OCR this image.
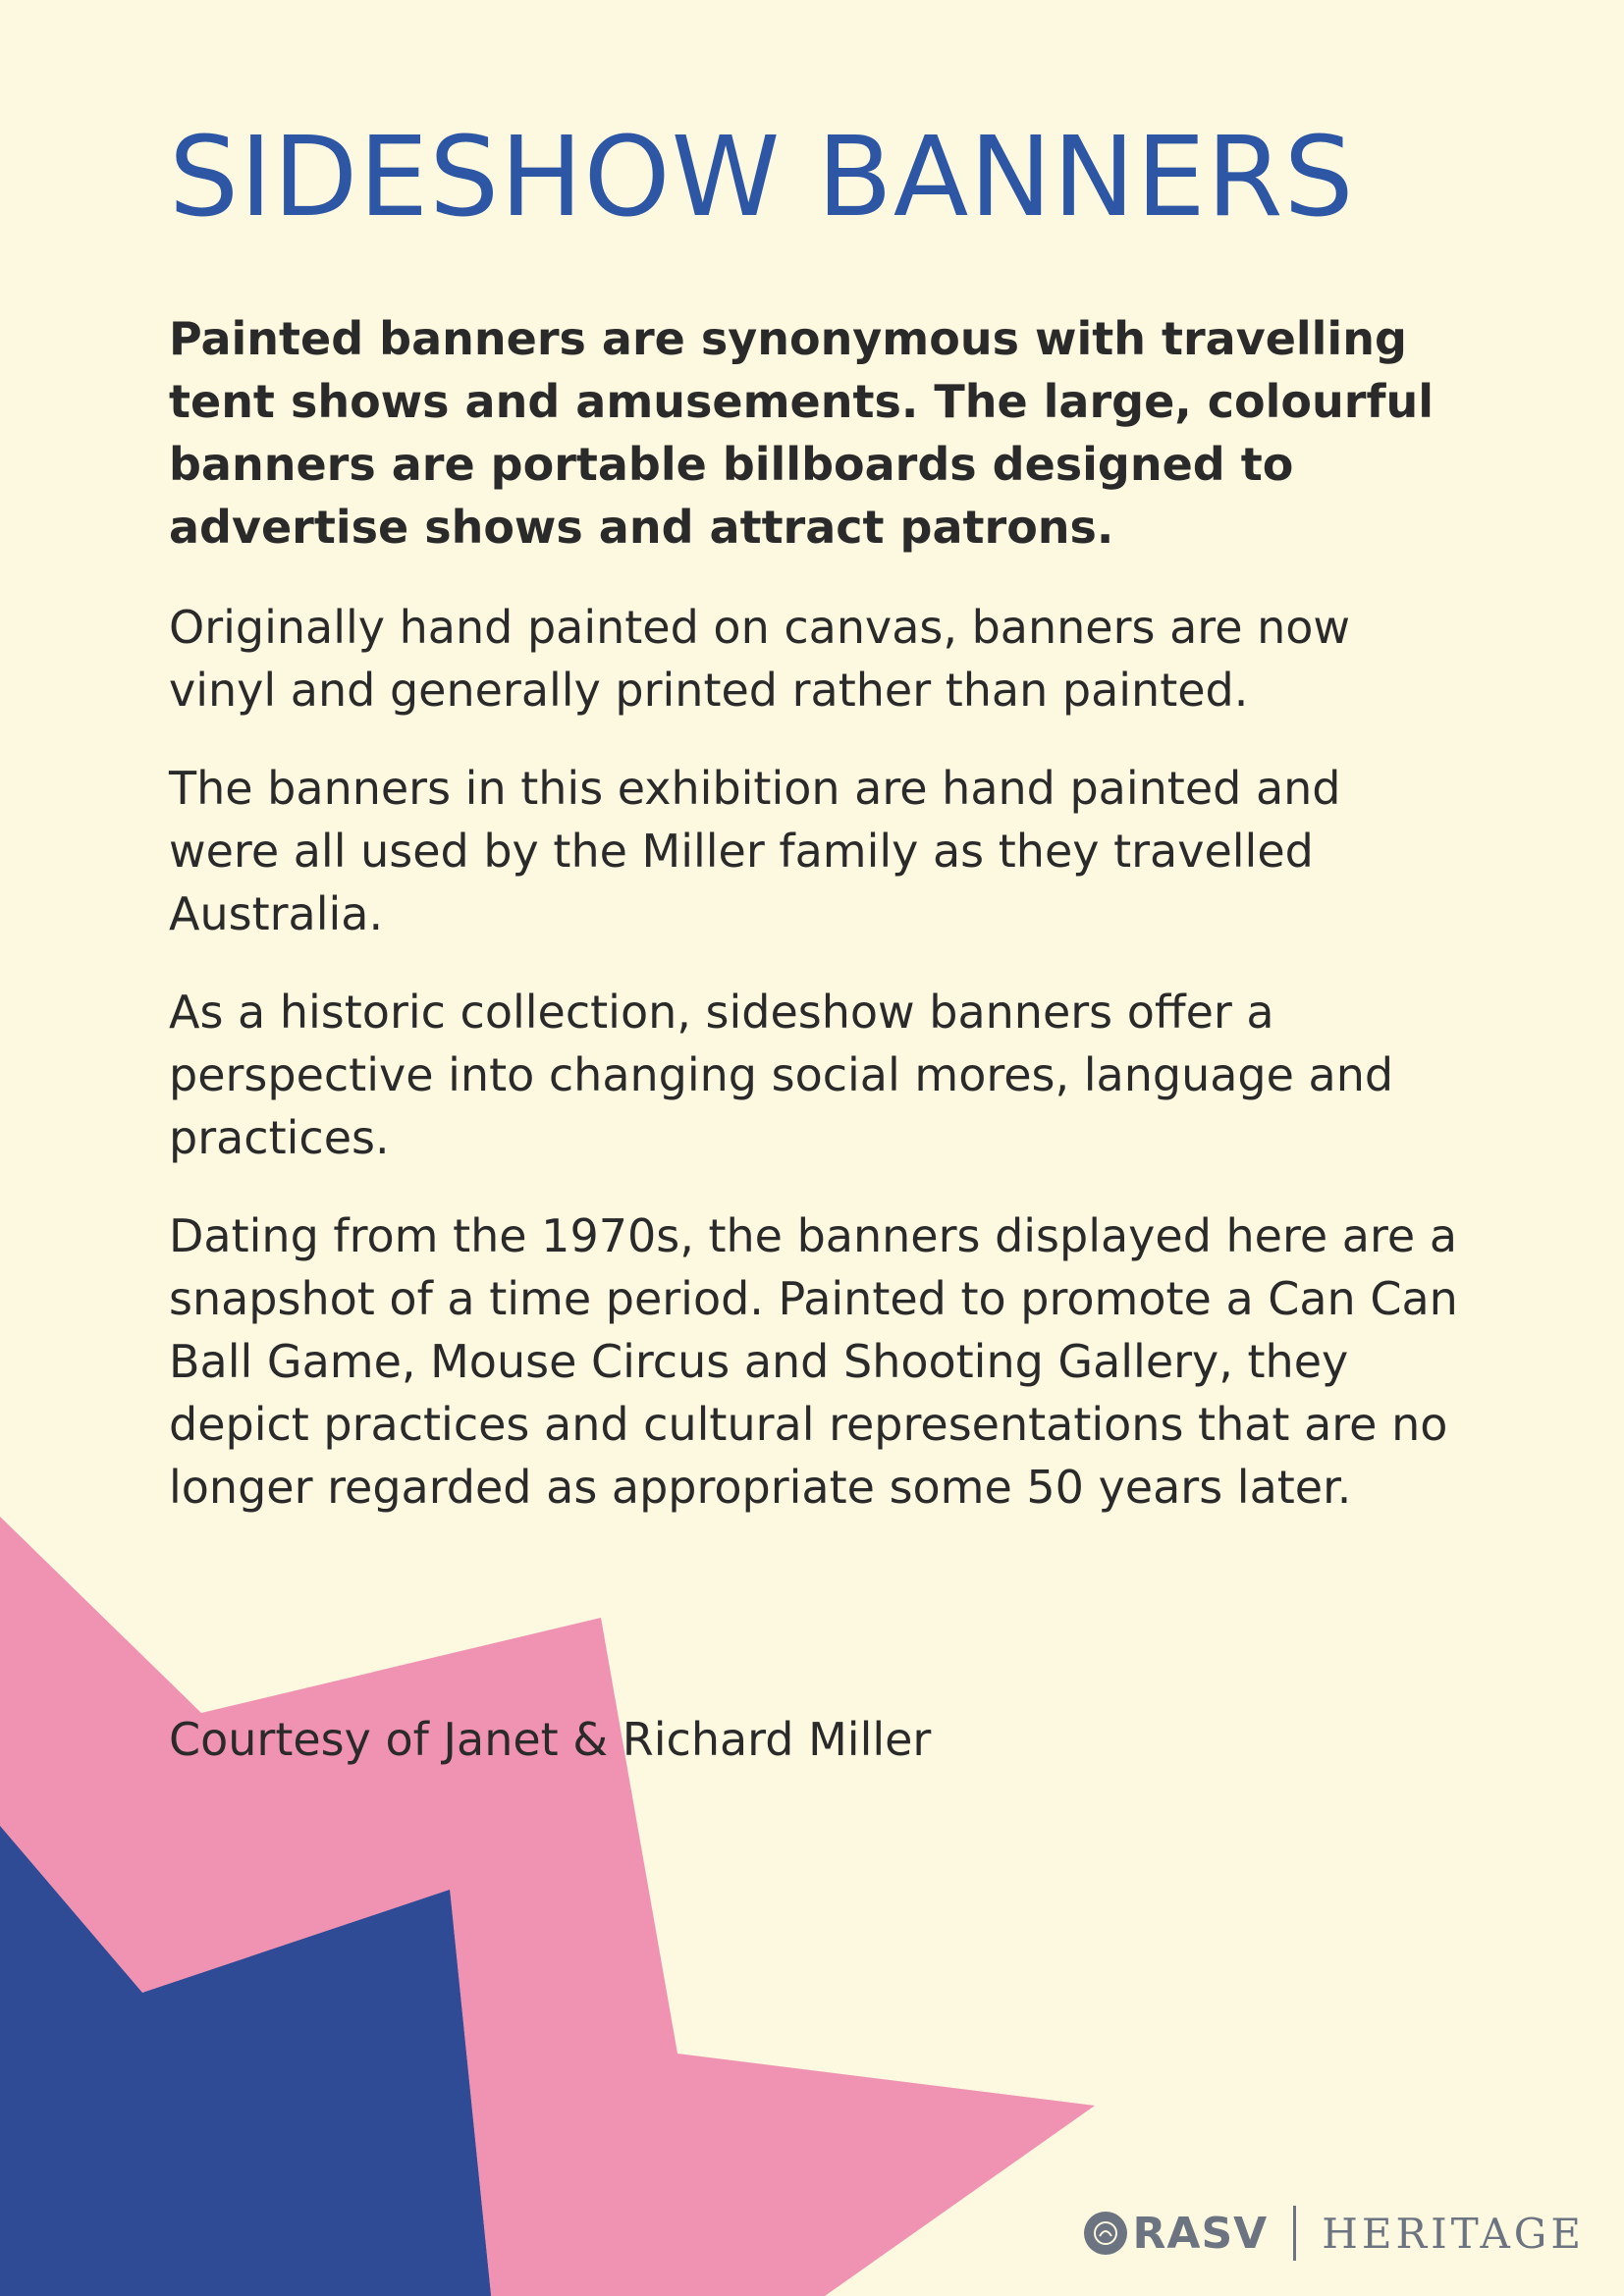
SIDESHOW BANNERS

Painted banners are synonymous with travelling tent shows and amusements. The large, colourful banners are portable billboards designed to advertise shows and attract patrons.

Originally hand painted on canvas, banners are now vinyl and generally printed rather than painted.

The banners in this exhibition are hand painted and were all used by the Miller family as they travelled Australia.

As a historic collection, sideshow banners offer a perspective into changing social mores, language and practices.

Dating from the 1970s, the banners displayed here are a snapshot of a time period. Painted to promote a Can Can Ball Game, Mouse Circus and Shooting Gallery, they depict practices and cultural representations that are no longer regarded as appropriate some 50 years later.

Courtesy of Janet & Richard Miller
RASV HERITAGE
